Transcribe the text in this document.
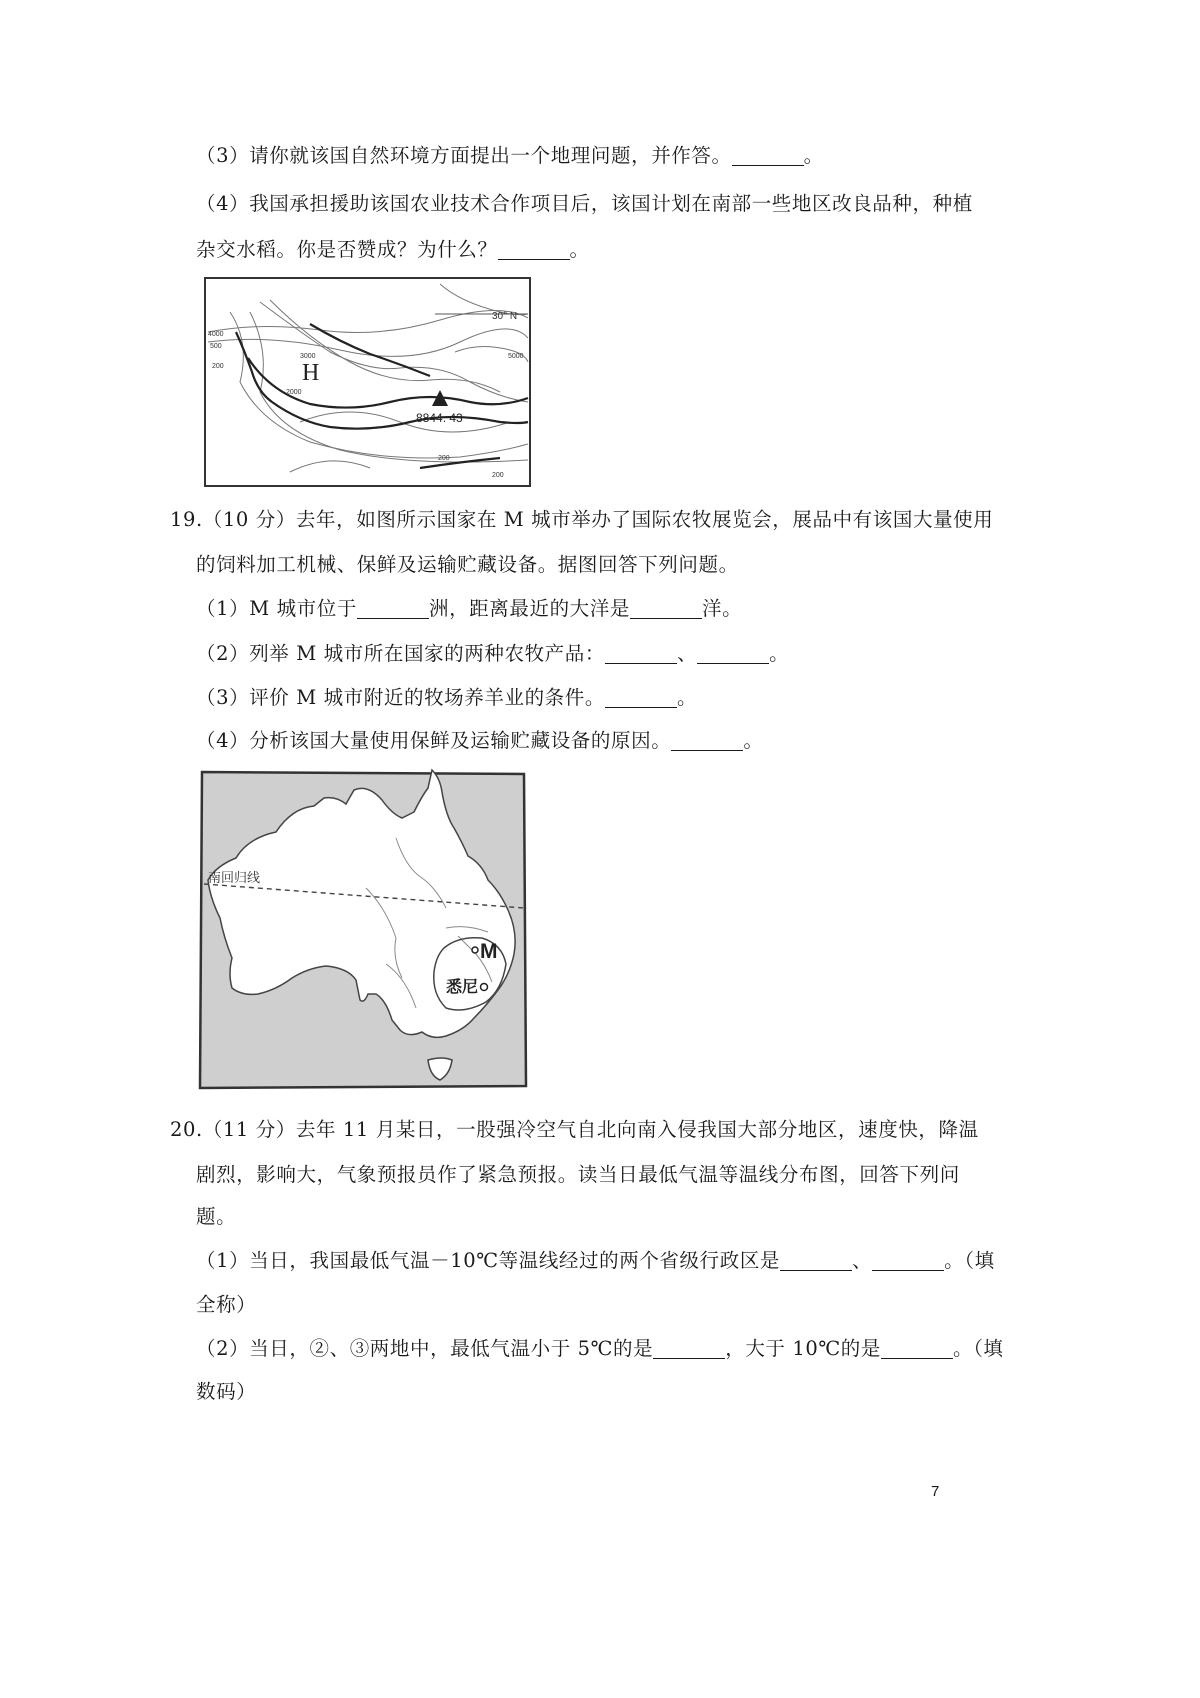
（3）请你就该国自然环境方面提出一个地理问题，并作答。	。
（4）我国承担援助该国农业技术合作项目后，该国计划在南部一些地区改良品种，种植
杂交水稻。你是否赞成？为什么？	。
30° N
H
8844. 43
4000
500
200
3000
2000
5000
200
200
19.（10 分）去年，如图所示国家在 M 城市举办了国际农牧展览会，展品中有该国大量使用
的饲料加工机械、保鲜及运输贮藏设备。据图回答下列问题。
（1）M 城市位于	洲，距离最近的大洋是	洋。
（2）列举 M 城市所在国家的两种农牧产品：	、	。
（3）评价 M 城市附近的牧场养羊业的条件。	。
（4）分析该国大量使用保鲜及运输贮藏设备的原因。	。
南回归线
M
悉尼
20.（11 分）去年 11 月某日，一股强冷空气自北向南入侵我国大部分地区，速度快，降温
剧烈，影响大，气象预报员作了紧急预报。读当日最低气温等温线分布图，回答下列问
题。
（1）当日，我国最低气温－10℃等温线经过的两个省级行政区是	、	。（填
全称）
（2）当日，②、③两地中，最低气温小于 5℃的是	，大于 10℃的是	。（填
数码）
7
